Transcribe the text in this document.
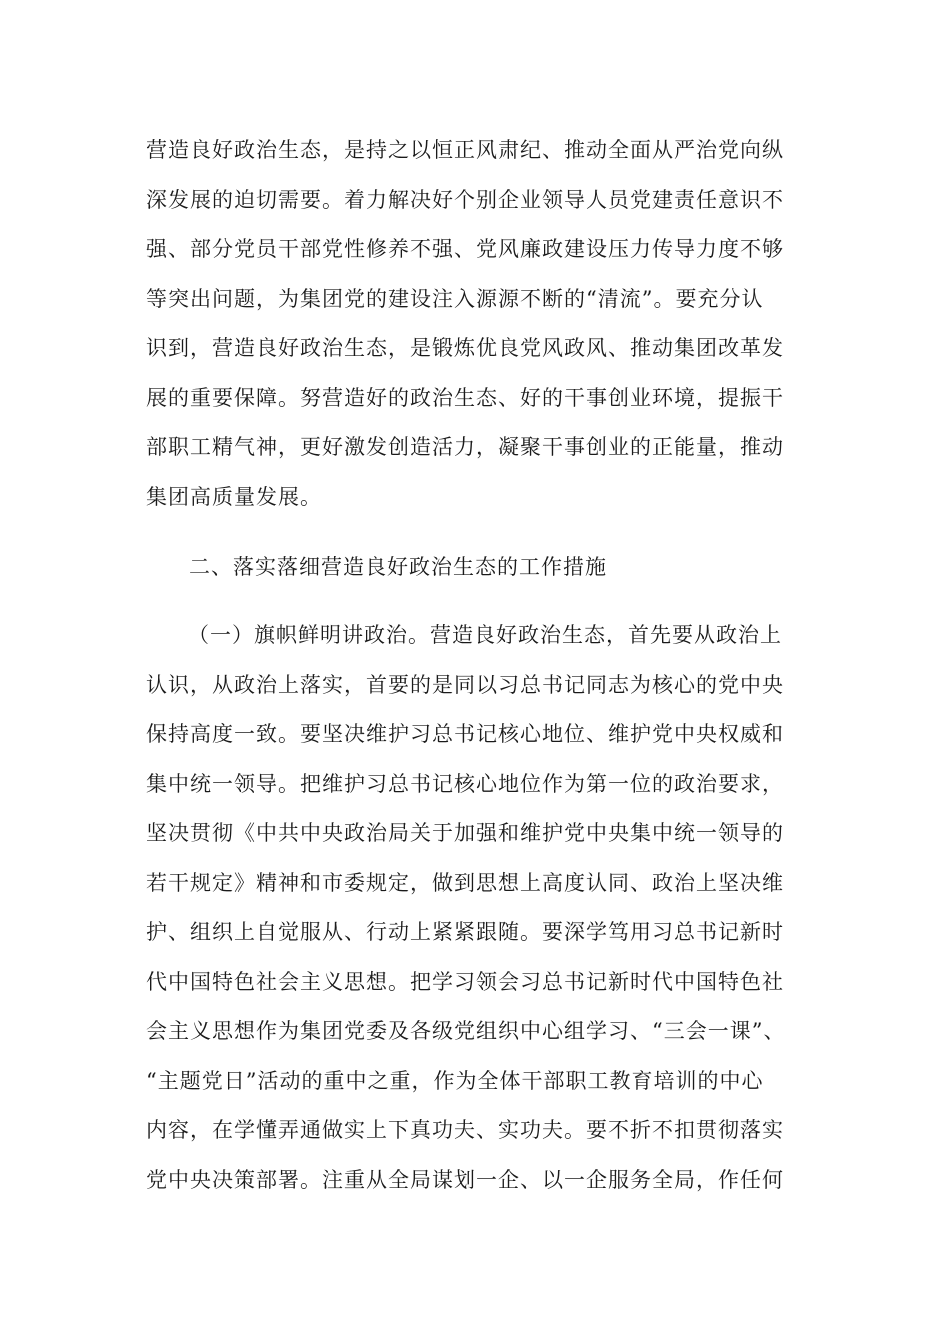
营造良好政治生态，是持之以恒正风肃纪、推动全面从严治党向纵
深发展的迫切需要。着力解决好个别企业领导人员党建责任意识不
强、部分党员干部党性修养不强、党风廉政建设压力传导力度不够
等突出问题，为集团党的建设注入源源不断的“清流”。要充分认
识到，营造良好政治生态，是锻炼优良党风政风、推动集团改革发
展的重要保障。努营造好的政治生态、好的干事创业环境，提振干
部职工精气神，更好激发创造活力，凝聚干事创业的正能量，推动
集团高质量发展。
二、落实落细营造良好政治生态的工作措施
（一）旗帜鲜明讲政治。营造良好政治生态，首先要从政治上
认识，从政治上落实，首要的是同以习总书记同志为核心的党中央
保持高度一致。要坚决维护习总书记核心地位、维护党中央权威和
集中统一领导。把维护习总书记核心地位作为第一位的政治要求，
坚决贯彻《中共中央政治局关于加强和维护党中央集中统一领导的
若干规定》精神和市委规定，做到思想上高度认同、政治上坚决维
护、组织上自觉服从、行动上紧紧跟随。要深学笃用习总书记新时
代中国特色社会主义思想。把学习领会习总书记新时代中国特色社
会主义思想作为集团党委及各级党组织中心组学习、“三会一课”、
“主题党日”活动的重中之重，作为全体干部职工教育培训的中心
内容，在学懂弄通做实上下真功夫、实功夫。要不折不扣贯彻落实
党中央决策部署。注重从全局谋划一企、以一企服务全局，作任何
